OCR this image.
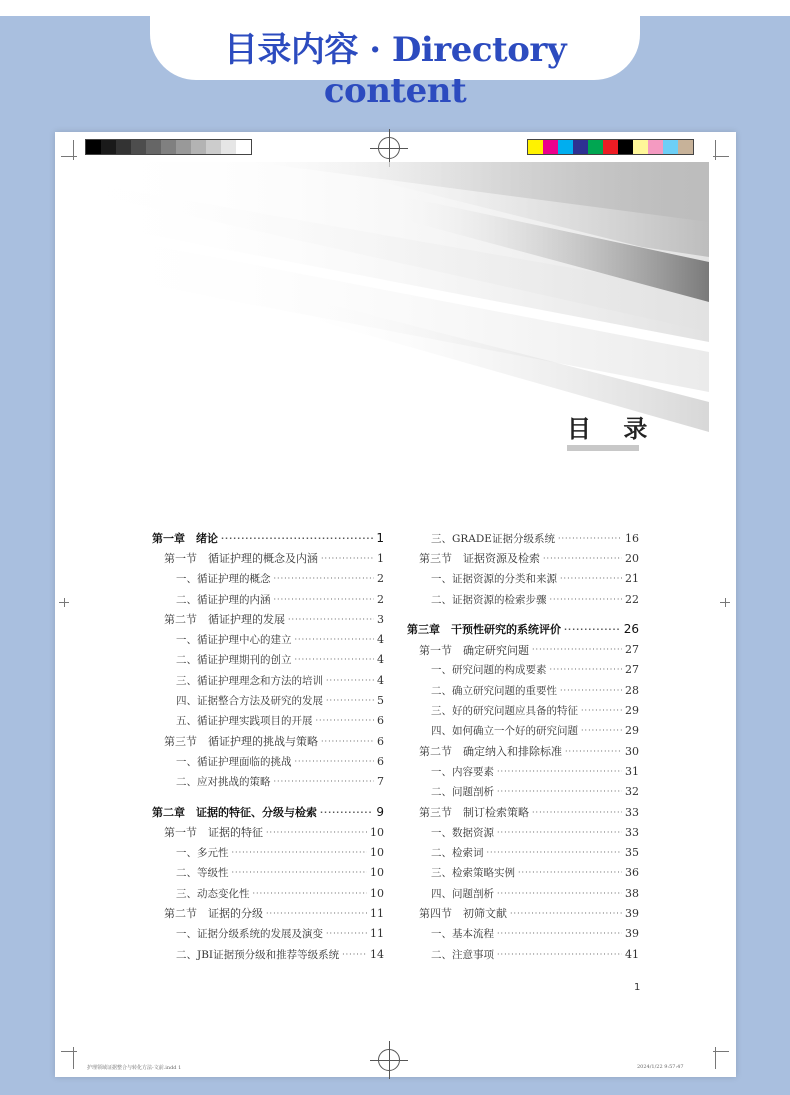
目录内容 · Directory content
目 录
第一章　绪论 ·····	1
第一节　循证护理的概念及内涵 ·····	1
一、循证护理的概念 ·····	2
二、循证护理的内涵 ·····	2
第二节　循证护理的发展 ·····	3
一、循证护理中心的建立 ·····	4
二、循证护理期刊的创立 ·····	4
三、循证护理理念和方法的培训 ·····	4
四、证据整合方法及研究的发展 ·····	5
五、循证护理实践项目的开展 ·····	6
第三节　循证护理的挑战与策略 ·····	6
一、循证护理面临的挑战 ·····	6
二、应对挑战的策略 ·····	7
第二章　证据的特征、分级与检索 ·····	9
第一节　证据的特征 ·····	10
一、多元性 ·····	10
二、等级性 ·····	10
三、动态变化性 ·····	10
第二节　证据的分级 ·····	11
一、证据分级系统的发展及演变 ·····	11
二、JBI证据预分级和推荐等级系统 ·····	14
三、GRADE证据分级系统 ·····	16
第三节　证据资源及检索 ·····	20
一、证据资源的分类和来源 ·····	21
二、证据资源的检索步骤 ·····	22
第三章　干预性研究的系统评价 ·····	26
第一节　确定研究问题 ·····	27
一、研究问题的构成要素 ·····	27
二、确立研究问题的重要性 ·····	28
三、好的研究问题应具备的特征 ·····	29
四、如何确立一个好的研究问题 ·····	29
第二节　确定纳入和排除标准 ·····	30
一、内容要素 ·····	31
二、问题剖析 ·····	32
第三节　制订检索策略 ·····	33
一、数据资源 ·····	33
二、检索词 ·····	35
三、检索策略实例 ·····	36
四、问题剖析 ·····	38
第四节　初筛文献 ·····	39
一、基本流程 ·····	39
二、注意事项 ·····	41
1
护理领域证据整合与转化方法-文前.indd 1	2024/1/22 9:57:47
